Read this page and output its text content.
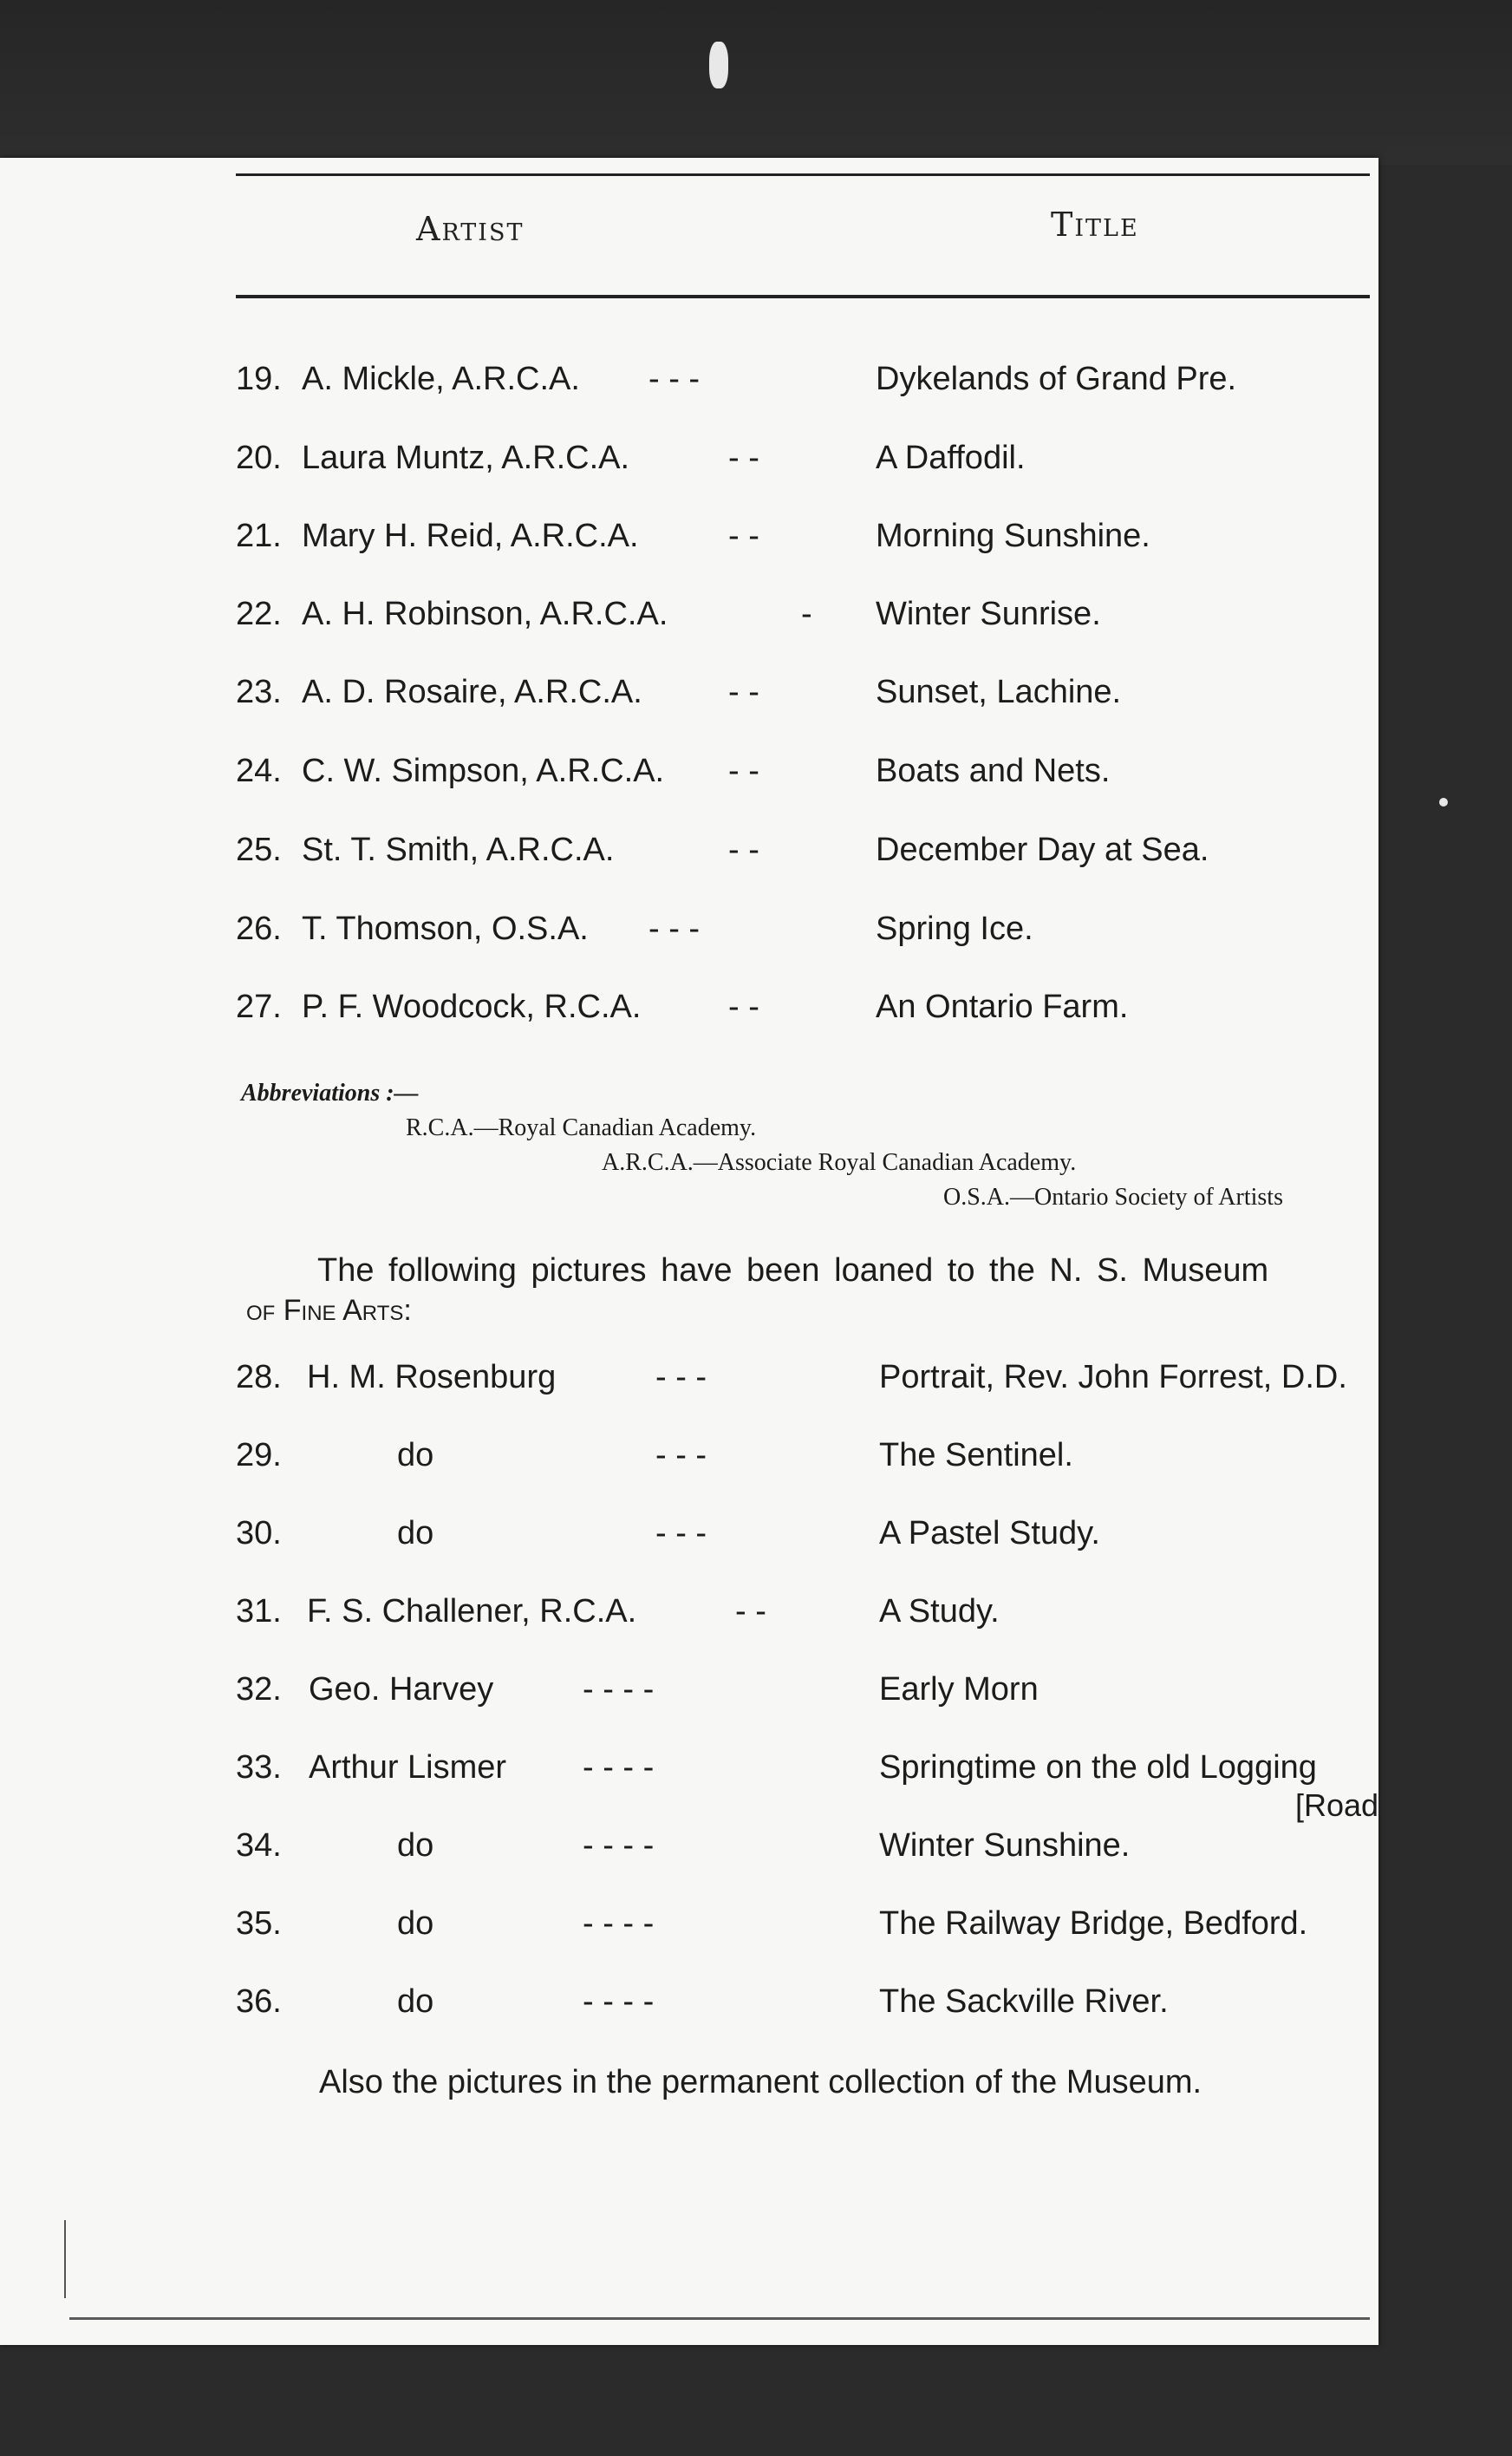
Artist	Title
19. A. Mickle, A.R.C.A. - - -	Dykelands of Grand Pre.
20. Laura Muntz, A.R.C.A.	- -	A Daffodil.
21. Mary H. Reid, A.R.C.A.	- -	Morning Sunshine.
22. A. H. Robinson, A.R.C.A.	- Winter Sunrise.
23. A. D. Rosaire, A.R.C.A.	- -	Sunset, Lachine.
24. C. W. Simpson, A.R.C.A. - -	Boats and Nets.
25. St. T. Smith, A.R.C.A.	- -	December Day at Sea.
26. T. Thomson, O.S.A. - - -	Spring Ice.
27. P. F. Woodcock, R.C.A.	- -	An Ontario Farm.
Abbreviations :—
R.C.A.—Royal Canadian Academy.
A.R.C.A.—Associate Royal Canadian Academy.
O.S.A.—Ontario Society of Artists
The following pictures have been loaned to the N. S. Museum
of Fine Arts:
28. H. M. Rosenburg	- - -	Portrait, Rev. John Forrest, D.D.
29.	do	- - -	The Sentinel.
30.	do	- - -	A Pastel Study.
31. F. S. Challener, R.C.A.	- -	A Study.
32. Geo. Harvey	- - - -	Early Morn
33. Arthur Lismer - - - -	Springtime on the old Logging
[Road
34.	do	- - - -	Winter Sunshine.
35.	do	- - - -	The Railway Bridge, Bedford.
36.	do	- - - -	The Sackville River.
Also the pictures in the permanent collection of the Museum.
